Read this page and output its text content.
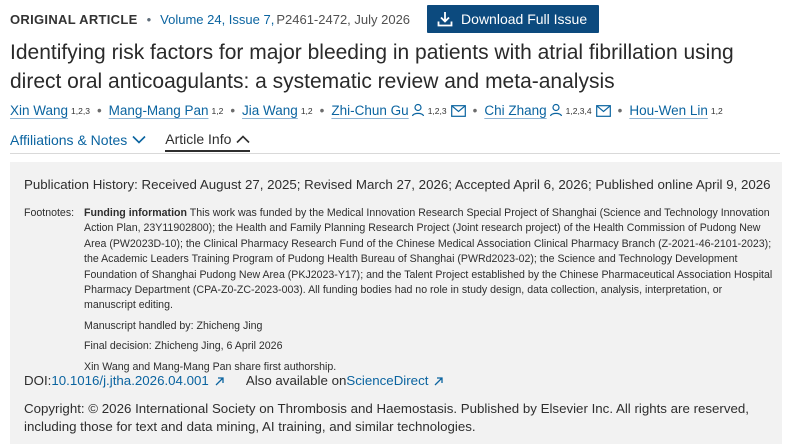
ORIGINAL ARTICLE • Volume 24, Issue 7, P2461-2472, July 2026	Download Full Issue
Identifying risk factors for major bleeding in patients with atrial fibrillation using direct oral anticoagulants: a systematic review and meta-analysis
Xin Wang $^{1,2,3}$ • Mang-Mang Pan $^{1,2}$ • Jia Wang $^{1,2}$ • Zhi-Chun Gu $^{1,2,3}$ • Chi Zhang $^{1,2,3,4}$ • Hou-Wen Lin $^{1,2}$
Affiliations & Notes	Article Info
Publication History: Received August 27, 2025; Revised March 27, 2026; Accepted April 6, 2026; Published online April 9, 2026
Footnotes: Funding information This work was funded by the Medical Innovation Research Special Project of Shanghai (Science and Technology Innovation Action Plan, 23Y11902800); the Health and Family Planning Research Project (Joint research project) of the Health Commission of Pudong New Area (PW2023D-10); the Clinical Pharmacy Research Fund of the Chinese Medical Association Clinical Pharmacy Branch (Z-2021-46-2101-2023); the Academic Leaders Training Program of Pudong Health Bureau of Shanghai (PWRd2023-02); the Science and Technology Development Foundation of Shanghai Pudong New Area (PKJ2023-Y17); and the Talent Project established by the Chinese Pharmaceutical Association Hospital Pharmacy Department (CPA-Z0-ZC-2023-003). All funding bodies had no role in study design, data collection, analysis, interpretation, or manuscript editing.

Manuscript handled by: Zhicheng Jing

Final decision: Zhicheng Jing, 6 April 2026

Xin Wang and Mang-Mang Pan share first authorship.

DOI: 10.1016/j.jtha.2026.04.001	Also available on ScienceDirect

Copyright: © 2026 International Society on Thrombosis and Haemostasis. Published by Elsevier Inc. All rights are reserved, including those for text and data mining, AI training, and similar technologies.
